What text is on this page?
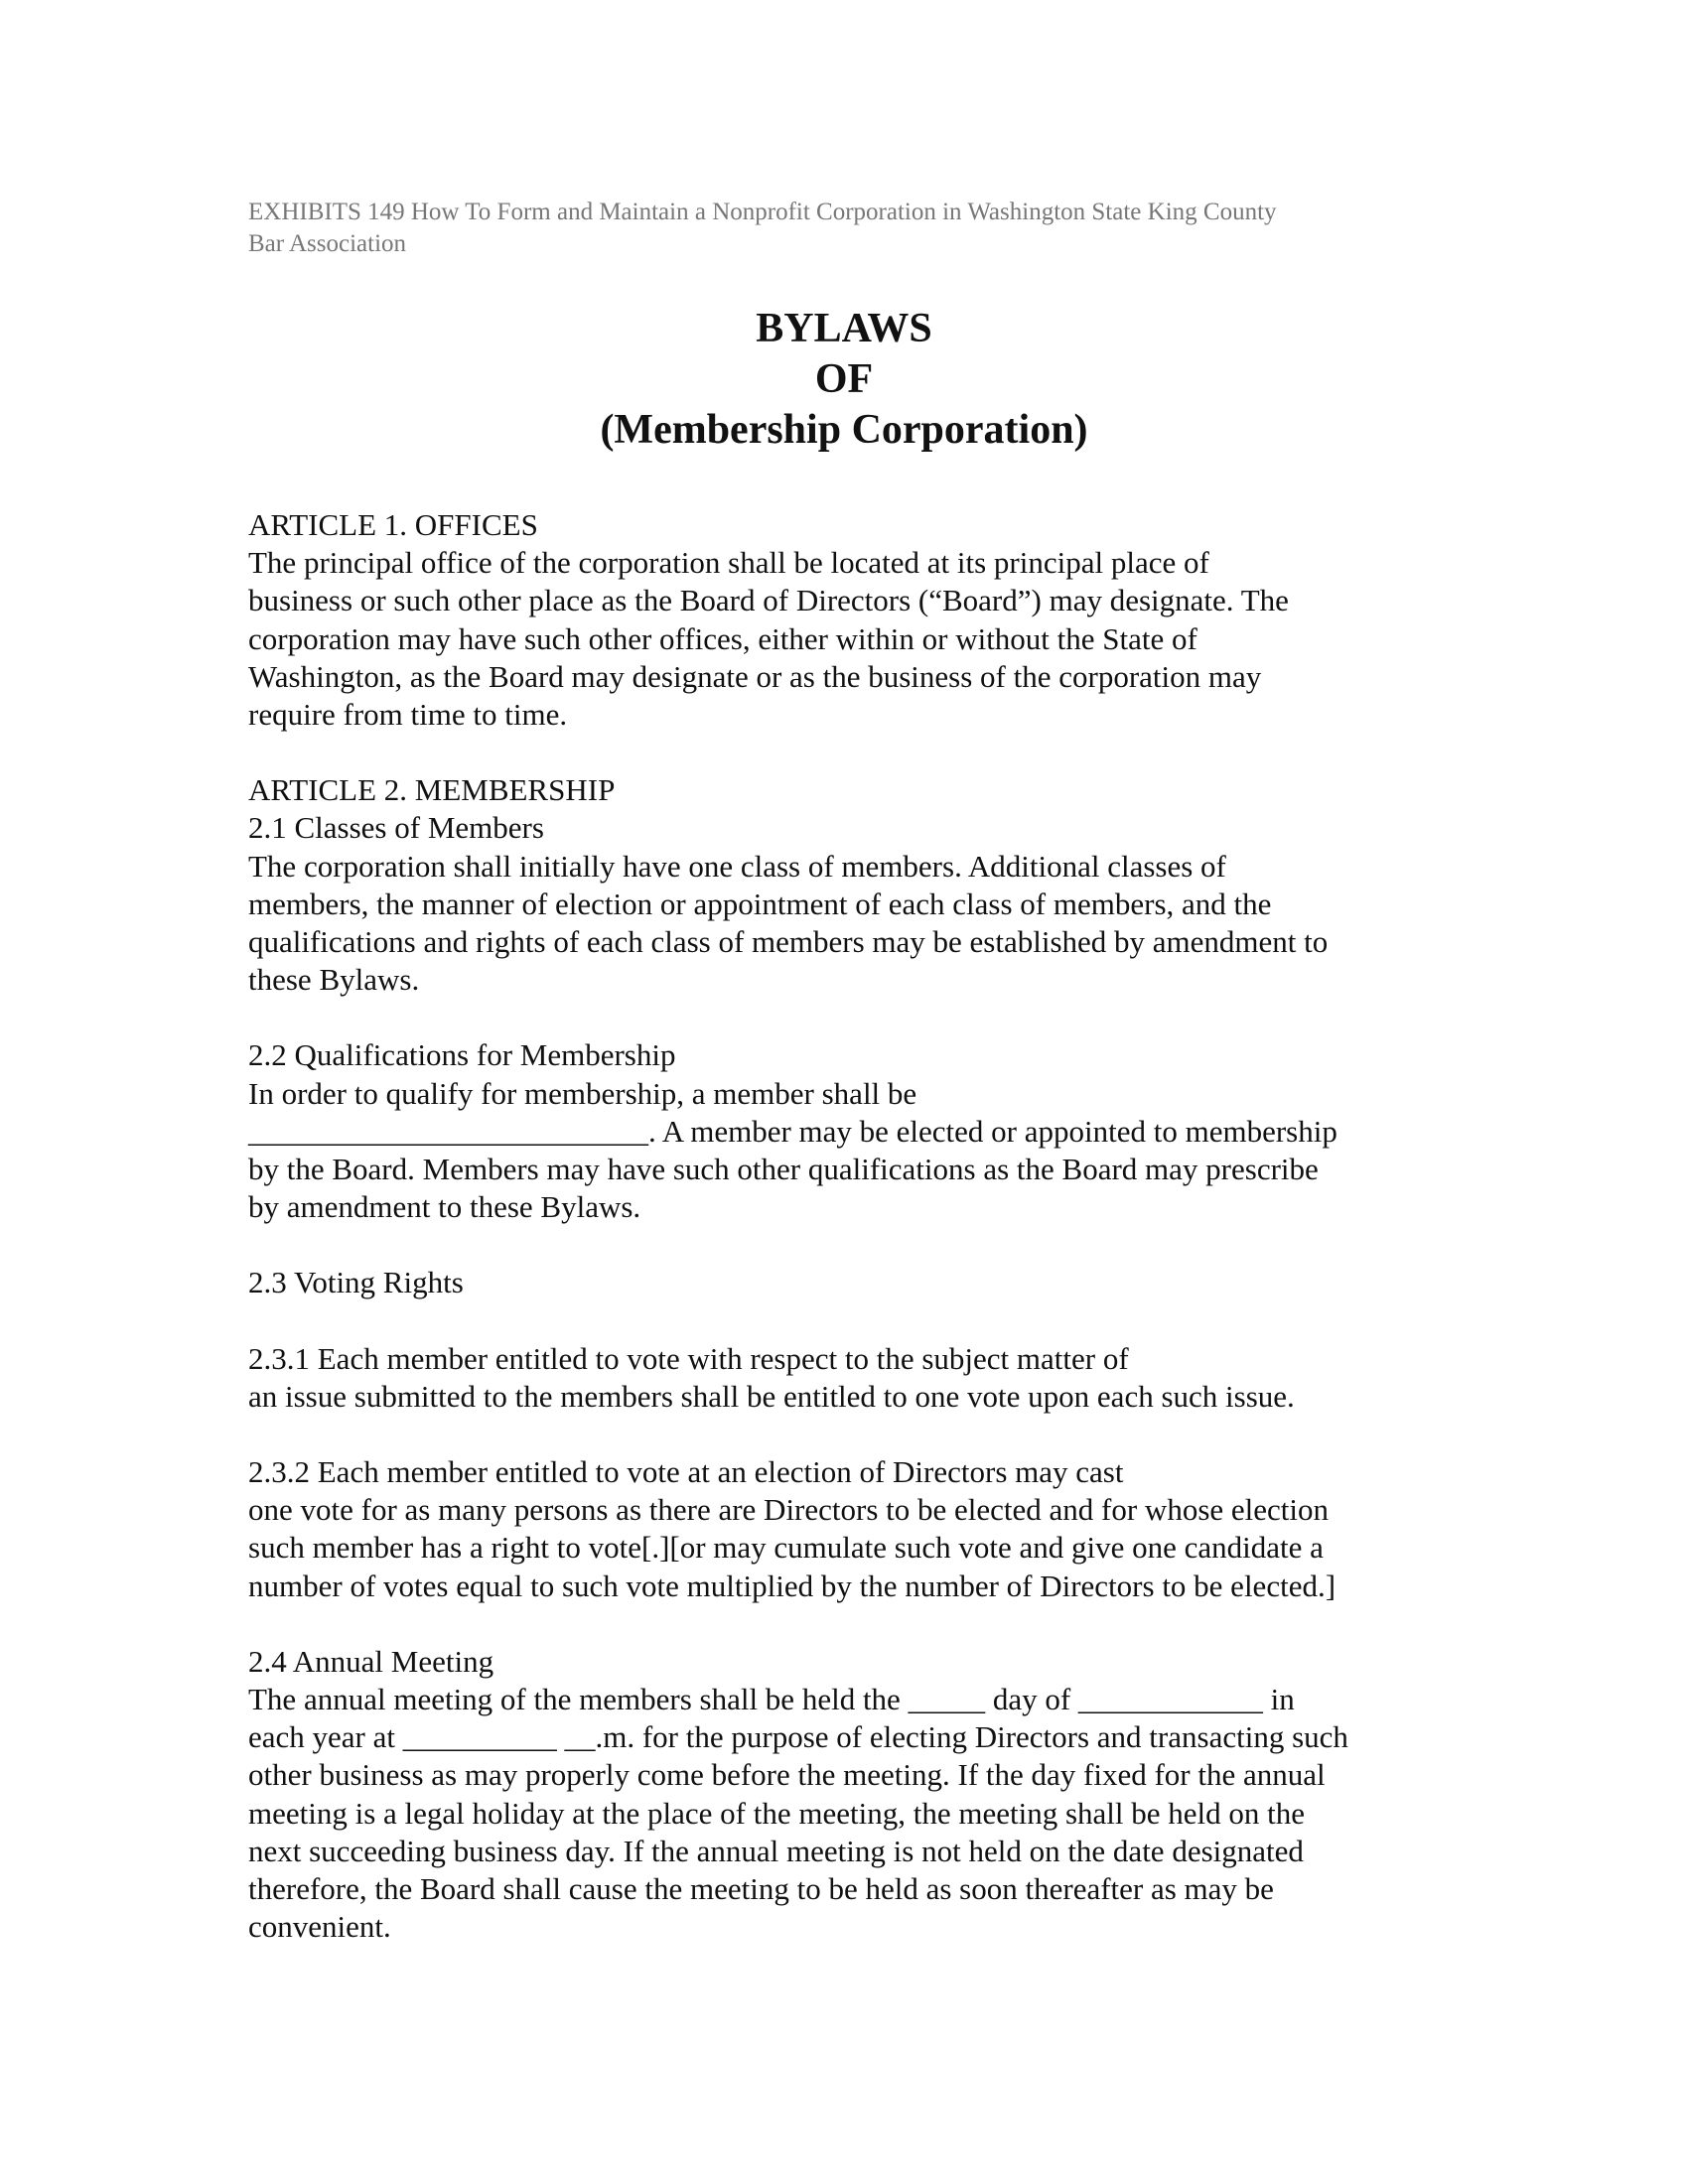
EXHIBITS 149 How To Form and Maintain a Nonprofit Corporation in Washington State King County
Bar Association
BYLAWS
OF
(Membership Corporation)
ARTICLE 1. OFFICES
The principal office of the corporation shall be located at its principal place of
business or such other place as the Board of Directors (“Board”) may designate. The
corporation may have such other offices, either within or without the State of
Washington, as the Board may designate or as the business of the corporation may
require from time to time.
ARTICLE 2. MEMBERSHIP
2.1 Classes of Members
The corporation shall initially have one class of members. Additional classes of
members, the manner of election or appointment of each class of members, and the
qualifications and rights of each class of members may be established by amendment to
these Bylaws.
2.2 Qualifications for Membership
In order to qualify for membership, a member shall be
__________________________. A member may be elected or appointed to membership
by the Board. Members may have such other qualifications as the Board may prescribe
by amendment to these Bylaws.
2.3 Voting Rights
2.3.1 Each member entitled to vote with respect to the subject matter of
an issue submitted to the members shall be entitled to one vote upon each such issue.
2.3.2 Each member entitled to vote at an election of Directors may cast
one vote for as many persons as there are Directors to be elected and for whose election
such member has a right to vote[.][or may cumulate such vote and give one candidate a
number of votes equal to such vote multiplied by the number of Directors to be elected.]
2.4 Annual Meeting
The annual meeting of the members shall be held the _____ day of ____________ in
each year at __________ __.m. for the purpose of electing Directors and transacting such
other business as may properly come before the meeting. If the day fixed for the annual
meeting is a legal holiday at the place of the meeting, the meeting shall be held on the
next succeeding business day. If the annual meeting is not held on the date designated
therefore, the Board shall cause the meeting to be held as soon thereafter as may be
convenient.
